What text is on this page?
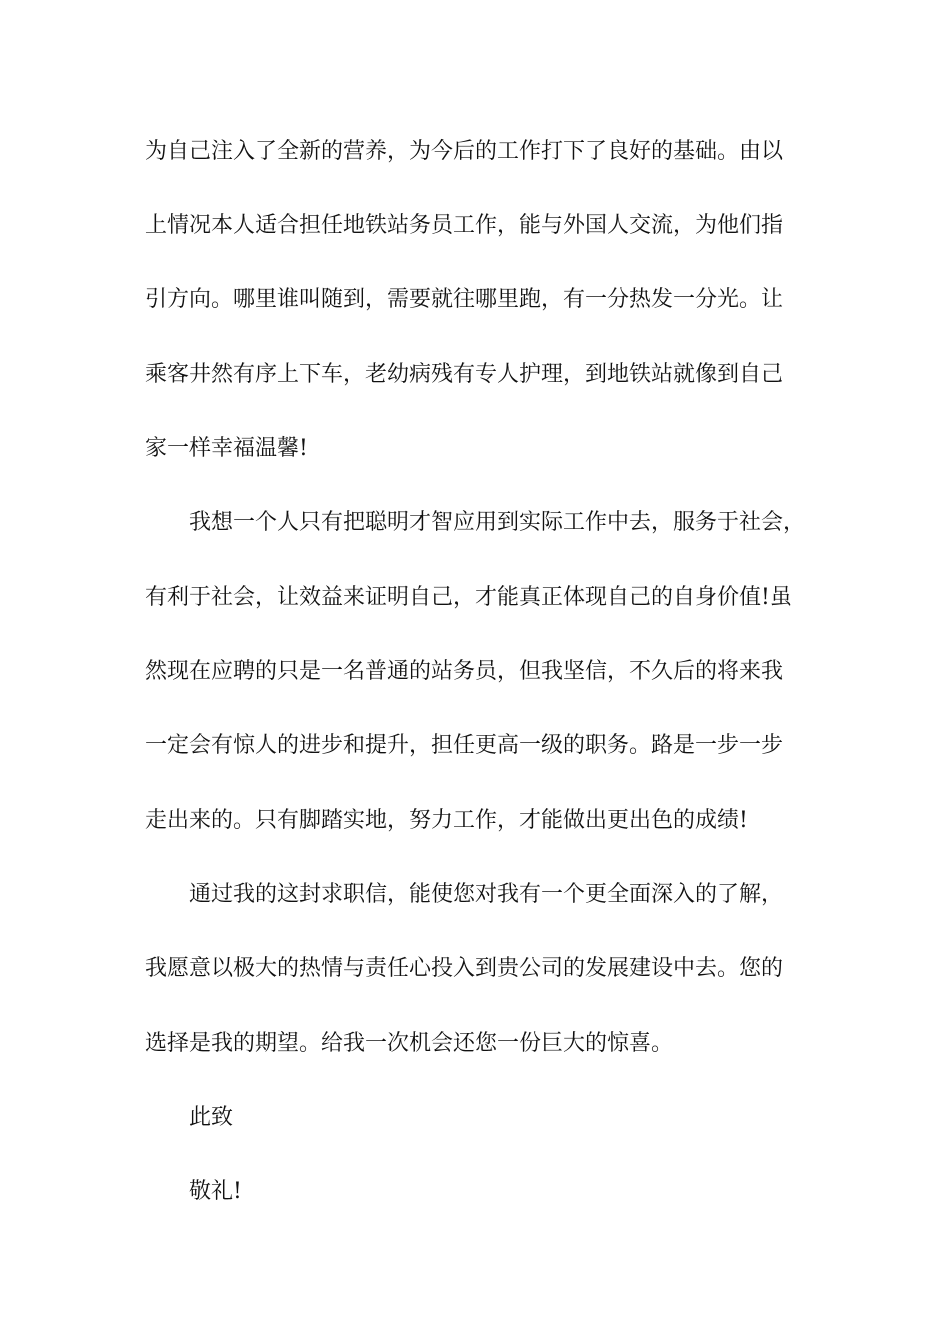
为自己注入了全新的营养，为今后的工作打下了良好的基础。由以

上情况本人适合担任地铁站务员工作，能与外国人交流，为他们指

引方向。哪里谁叫随到，需要就往哪里跑，有一分热发一分光。让

乘客井然有序上下车，老幼病残有专人护理，到地铁站就像到自己

家一样幸福温馨!

我想一个人只有把聪明才智应用到实际工作中去，服务于社会，

有利于社会，让效益来证明自己，才能真正体现自己的自身价值!虽

然现在应聘的只是一名普通的站务员，但我坚信，不久后的将来我

一定会有惊人的进步和提升，担任更高一级的职务。路是一步一步

走出来的。只有脚踏实地，努力工作，才能做出更出色的成绩!

通过我的这封求职信，能使您对我有一个更全面深入的了解，

我愿意以极大的热情与责任心投入到贵公司的发展建设中去。您的

选择是我的期望。给我一次机会还您一份巨大的惊喜。

此致

敬礼!
